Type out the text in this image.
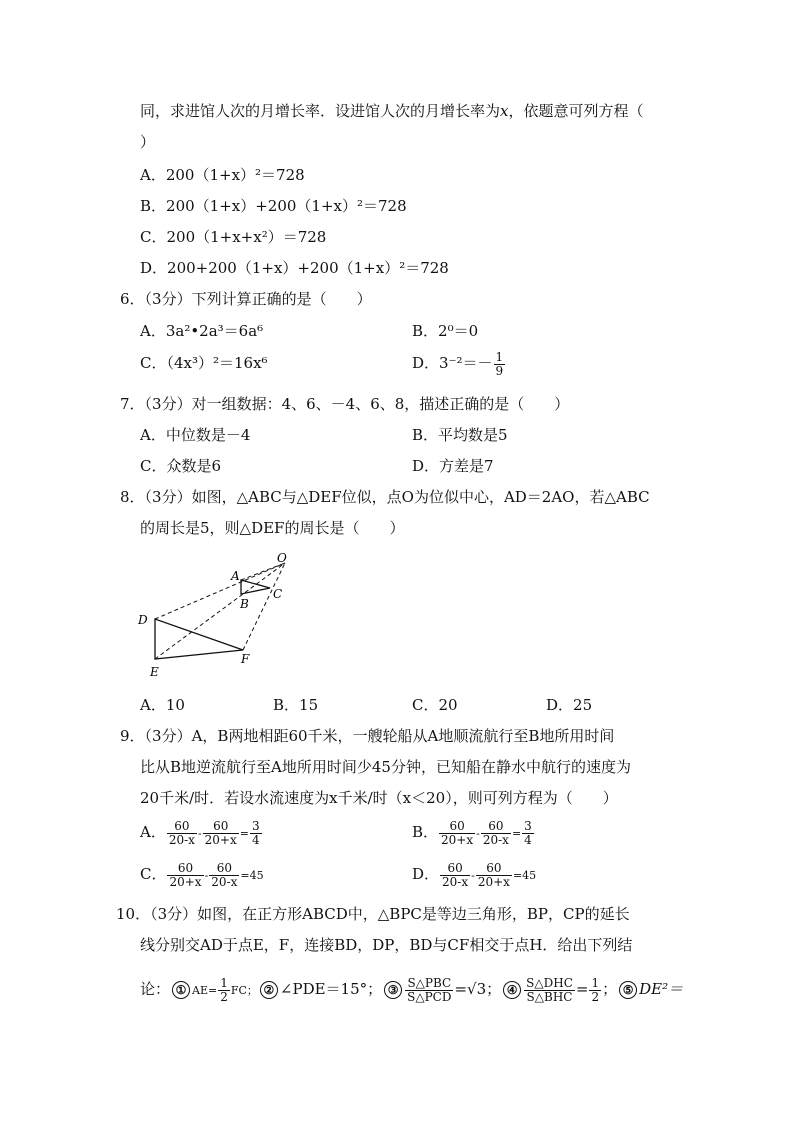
同，求进馆人次的月增长率．设进馆人次的月增长率为x，依题意可列方程（
）
A．200（1+x）²＝728
B．200（1+x）+200（1+x）²＝728
C．200（1+x+x²）＝728
D．200+200（1+x）+200（1+x）²＝728
6．（3分）下列计算正确的是（　　）
A．3a²•2a³＝6a⁶	B．2⁰＝0
C．（4x³）²＝16x⁶	D．$3^{-2}=- \frac{1}{9}$
7．（3分）对一组数据：4、6、－4、6、8，描述正确的是（　　）
A．中位数是－4	B．平均数是5
C．众数是6	D．方差是7
8．（3分）如图，△ABC与△DEF位似，点O为位似中心，AD＝2AO，若△ABC
的周长是5，则△DEF的周长是（　　）
O
A
B
C
D
E
F
A．10	B．15	C．20	D．25
9．（3分）A，B两地相距60千米，一艘轮船从A地顺流航行至B地所用时间
比从B地逆流航行至A地所用时间少45分钟，已知船在静水中航行的速度为
20千米/时．若设水流速度为x千米/时（x＜20），则可列方程为（　　）
A． $\frac{60}{20-x} - \frac{60}{20+x} = \frac{3}{4}$	B． $\frac{60}{20+x} - \frac{60}{20-x} = \frac{3}{4}$
C． $\frac{60}{20+x} - \frac{60}{20-x} =45$	D． $\frac{60}{20-x} - \frac{60}{20+x} =45$
10．（3分）如图，在正方形ABCD中，△BPC是等边三角形，BP，CP的延长
线分别交AD于点E，F，连接BD，DP，BD与CF相交于点H．给出下列结
论： ① $AE= \frac{1}{2}$ FC； ② ∠PDE＝15°； ③ $\frac{\text{S△PBC}}{\text{S△PCD}} =√3$； ④ $\frac{\text{S△DHC}}{\text{S△BHC}} = \frac{1}{2}$ ； ⑤ DE²＝
